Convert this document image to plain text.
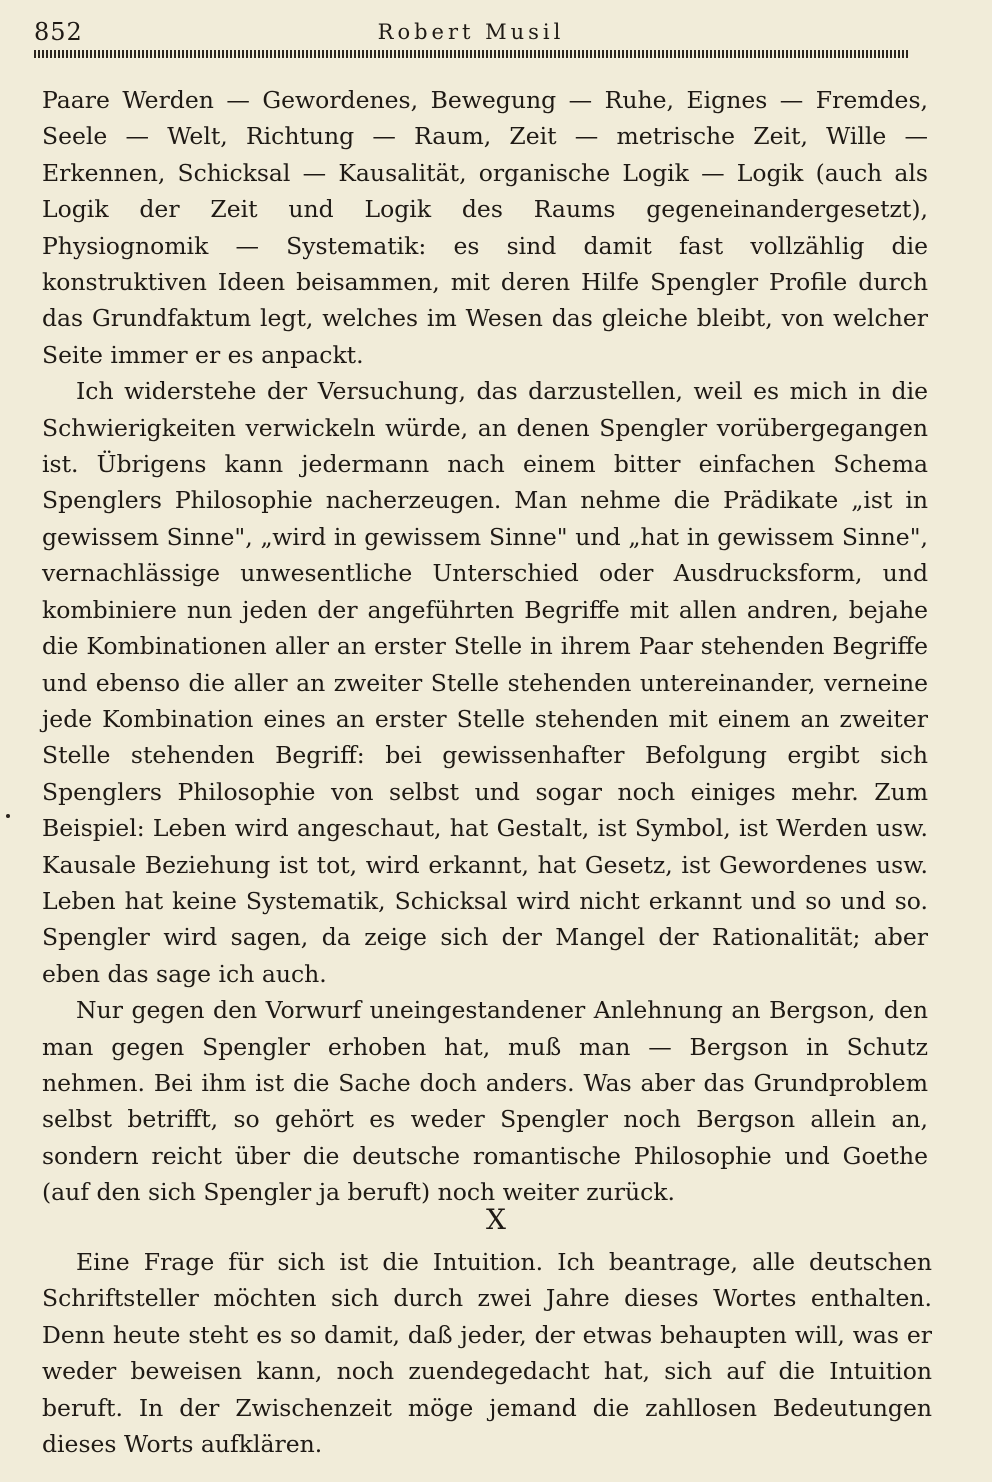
852	Robert Musil

Paare Werden — Gewordenes, Bewegung — Ruhe, Eignes — Fremdes, Seele — Welt, Richtung — Raum, Zeit — metrische Zeit, Wille — Erkennen, Schicksal — Kausalität, organische Logik — Logik (auch als Logik der Zeit und Logik des Raums gegeneinandergesetzt), Physiognomik — Systematik: es sind damit fast vollzählig die konstruktiven Ideen beisammen, mit deren Hilfe Spengler Profile durch das Grundfaktum legt, welches im Wesen das gleiche bleibt, von welcher Seite immer er es anpackt.

Ich widerstehe der Versuchung, das darzustellen, weil es mich in die Schwierigkeiten verwickeln würde, an denen Spengler vorübergegangen ist. Übrigens kann jedermann nach einem bitter einfachen Schema Spenglers Philosophie nacherzeugen. Man nehme die Prädikate „ist in gewissem Sinne", „wird in gewissem Sinne" und „hat in gewissem Sinne", vernachlässige unwesentliche Unterschied oder Ausdrucksform, und kombiniere nun jeden der angeführten Begriffe mit allen andren, bejahe die Kombinationen aller an erster Stelle in ihrem Paar stehenden Begriffe und ebenso die aller an zweiter Stelle stehenden untereinander, verneine jede Kombination eines an erster Stelle stehenden mit einem an zweiter Stelle stehenden Begriff: bei gewissenhafter Befolgung ergibt sich Spenglers Philosophie von selbst und sogar noch einiges mehr. Zum Beispiel: Leben wird angeschaut, hat Gestalt, ist Symbol, ist Werden usw. Kausale Beziehung ist tot, wird erkannt, hat Gesetz, ist Gewordenes usw. Leben hat keine Systematik, Schicksal wird nicht erkannt und so und so. Spengler wird sagen, da zeige sich der Mangel der Rationalität; aber eben das sage ich auch.

Nur gegen den Vorwurf uneingestandener Anlehnung an Bergson, den man gegen Spengler erhoben hat, muß man — Bergson in Schutz nehmen. Bei ihm ist die Sache doch anders. Was aber das Grundproblem selbst betrifft, so gehört es weder Spengler noch Bergson allein an, sondern reicht über die deutsche romantische Philosophie und Goethe (auf den sich Spengler ja beruft) noch weiter zurück.

X

Eine Frage für sich ist die Intuition. Ich beantrage, alle deutschen Schriftsteller möchten sich durch zwei Jahre dieses Wortes enthalten. Denn heute steht es so damit, daß jeder, der etwas behaupten will, was er weder beweisen kann, noch zuendegedacht hat, sich auf die Intuition beruft. In der Zwischenzeit möge jemand die zahllosen Bedeutungen dieses Worts aufklären.
